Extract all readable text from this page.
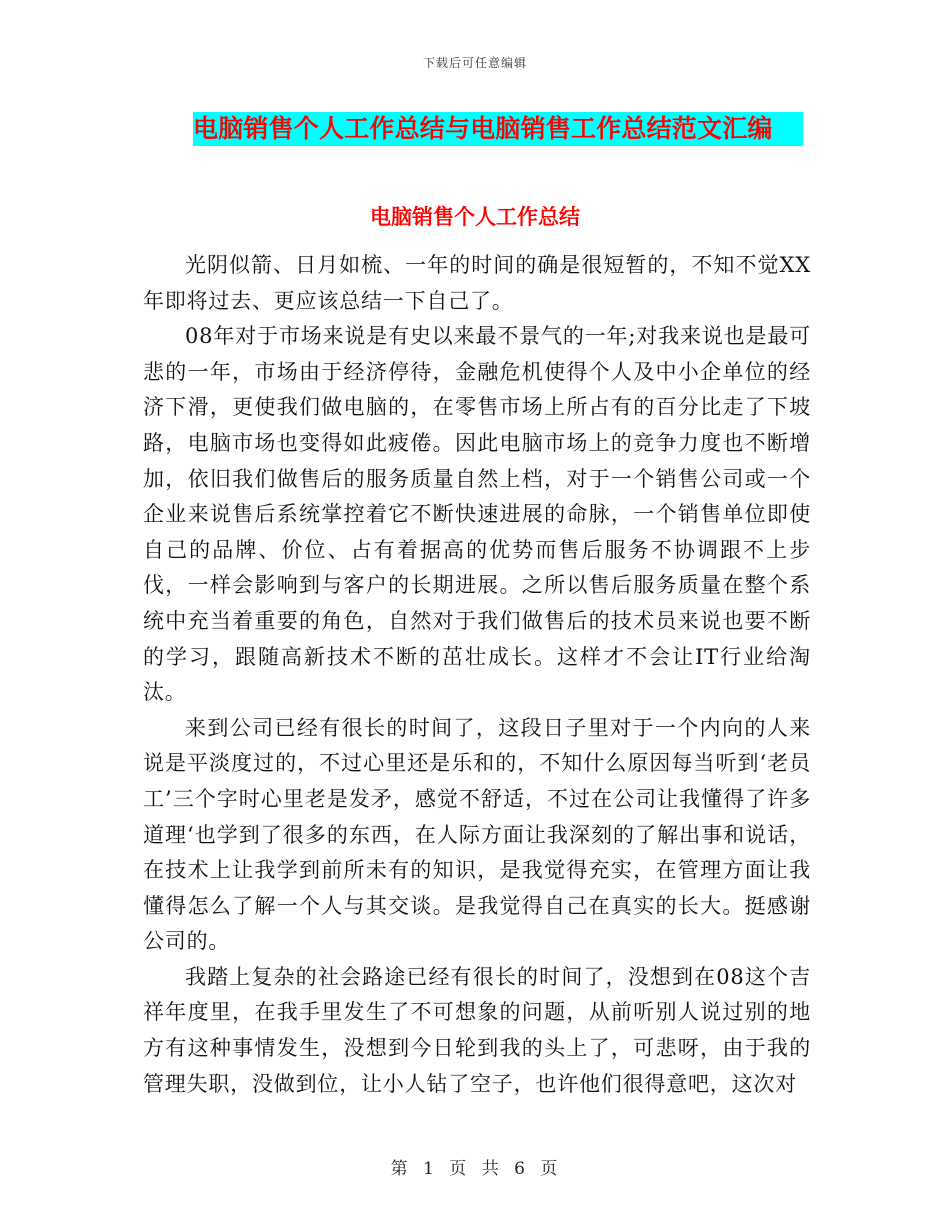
下载后可任意编辑
电脑销售个人工作总结与电脑销售工作总结范文汇编
电脑销售个人工作总结

光阴似箭、日月如梳、一年的时间的确是很短暂的，不知不觉XX年即将过去、更应该总结一下自己了。

08年对于市场来说是有史以来最不景气的一年;对我来说也是最可悲的一年，市场由于经济停待，金融危机使得个人及中小企单位的经济下滑，更使我们做电脑的，在零售市场上所占有的百分比走了下坡路，电脑市场也变得如此疲倦。因此电脑市场上的竞争力度也不断增加，依旧我们做售后的服务质量自然上档，对于一个销售公司或一个企业来说售后系统掌控着它不断快速进展的命脉，一个销售单位即使自己的品牌、价位、占有着据高的优势而售后服务不协调跟不上步伐，一样会影响到与客户的长期进展。之所以售后服务质量在整个系统中充当着重要的角色，自然对于我们做售后的技术员来说也要不断的学习，跟随高新技术不断的茁壮成长。这样才不会让IT行业给淘汰。

来到公司已经有很长的时间了，这段日子里对于一个内向的人来说是平淡度过的，不过心里还是乐和的，不知什么原因每当听到‘老员工’三个字时心里老是发矛，感觉不舒适，不过在公司让我懂得了许多道理‘也学到了很多的东西，在人际方面让我深刻的了解出事和说话，在技术上让我学到前所未有的知识，是我觉得充实，在管理方面让我懂得怎么了解一个人与其交谈。是我觉得自己在真实的长大。挺感谢公司的。

我踏上复杂的社会路途已经有很长的时间了，没想到在08这个吉祥年度里，在我手里发生了不可想象的问题，从前听别人说过别的地方有这种事情发生，没想到今日轮到我的头上了，可悲呀，由于我的管理失职，没做到位，让小人钻了空子，也许他们很得意吧，这次对

第 1 页 共 6 页
